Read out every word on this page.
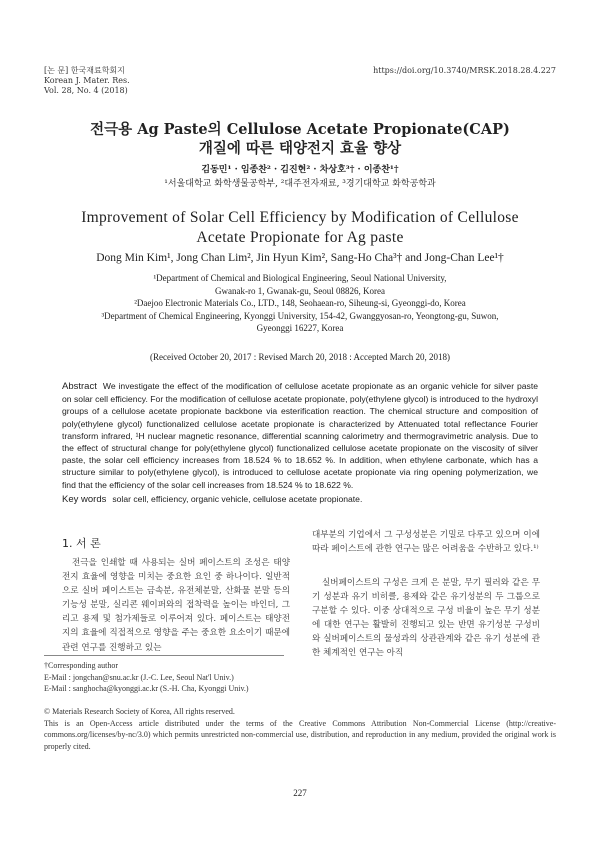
[논 문] 한국재료학회지
Korean J. Mater. Res.
Vol. 28, No. 4 (2018)
https://doi.org/10.3740/MRSK.2018.28.4.227
전극용 Ag Paste의 Cellulose Acetate Propionate(CAP)
개질에 따른 태양전지 효율 향상
김동민¹ · 임종찬² · 김진현² · 차상호³† · 이종찬¹†
¹서울대학교 화학생물공학부, ²대주전자재료, ³경기대학교 화학공학과
Improvement of Solar Cell Efficiency by Modification of Cellulose
Acetate Propionate for Ag paste
Dong Min Kim¹, Jong Chan Lim², Jin Hyun Kim², Sang-Ho Cha³† and Jong-Chan Lee¹†
¹Department of Chemical and Biological Engineering, Seoul National University,
Gwanak-ro 1, Gwanak-gu, Seoul 08826, Korea
²Daejoo Electronic Materials Co., LTD., 148, Seohaean-ro, Siheung-si, Gyeonggi-do, Korea
³Department of Chemical Engineering, Kyonggi University, 154-42, Gwanggyosan-ro, Yeongtong-gu, Suwon,
Gyeonggi 16227, Korea
(Received October 20, 2017 : Revised March 20, 2018 : Accepted March 20, 2018)
Abstract We investigate the effect of the modification of cellulose acetate propionate as an organic vehicle for silver paste on solar cell efficiency. For the modification of cellulose acetate propionate, poly(ethylene glycol) is introduced to the hydroxyl groups of a cellulose acetate propionate backbone via esterification reaction. The chemical structure and composition of poly(ethylene glycol) functionalized cellulose acetate propionate is characterized by Attenuated total reflectance Fourier transform infrared, ¹H nuclear magnetic resonance, differential scanning calorimetry and thermogravimetric analysis. Due to the effect of structural change for poly(ethylene glycol) functionalized cellulose acetate propionate on the viscosity of silver paste, the solar cell efficiency increases from 18.524 % to 18.652 %. In addition, when ethylene carbonate, which has a structure similar to poly(ethylene glycol), is introduced to cellulose acetate propionate via ring opening polymerization, we find that the efficiency of the solar cell increases from 18.524 % to 18.622 %.
Key words solar cell, efficiency, organic vehicle, cellulose acetate propionate.
1. 서 론
전극을 인쇄할 때 사용되는 실버 페이스트의 조성은 태양전지 효율에 영향을 미치는 중요한 요인 중 하나이다. 일반적으로 실버 페이스트는 금속분, 유전체분말, 산화물 분말 등의 기능성 분말, 실리콘 웨이퍼와의 접착력을 높이는 바인더, 그리고 용제 및 첨가제들로 이루어져 있다. 페이스트는 태양전지의 효율에 직접적으로 영향을 주는 중요한 요소이기 때문에 관련 연구를 진행하고 있는
대부분의 기업에서 그 구성성분은 기밀로 다루고 있으며 이에 따라 페이스트에 관한 연구는 많은 어려움을 수반하고 있다.¹⁾
실버페이스트의 구성은 크게 은 분말, 무기 필러와 같은 무기 성분과 유기 비히클, 용제와 같은 유기성분의 두 그룹으로 구분할 수 있다. 이중 상대적으로 구성 비율이 높은 무기 성분에 대한 연구는 활발히 진행되고 있는 반면 유기성분 구성비와 실버페이스트의 물성과의 상관관계와 같은 유기 성분에 관한 체계적인 연구는 아직
†Corresponding author
E-Mail : jongchan@snu.ac.kr (J.-C. Lee, Seoul Nat'l Univ.)
E-Mail : sanghocha@kyonggi.ac.kr (S.-H. Cha, Kyonggi Univ.)
© Materials Research Society of Korea, All rights reserved.
This is an Open-Access article distributed under the terms of the Creative Commons Attribution Non-Commercial License (http://creative-commons.org/licenses/by-nc/3.0) which permits unrestricted non-commercial use, distribution, and reproduction in any medium, provided the original work is properly cited.
227
